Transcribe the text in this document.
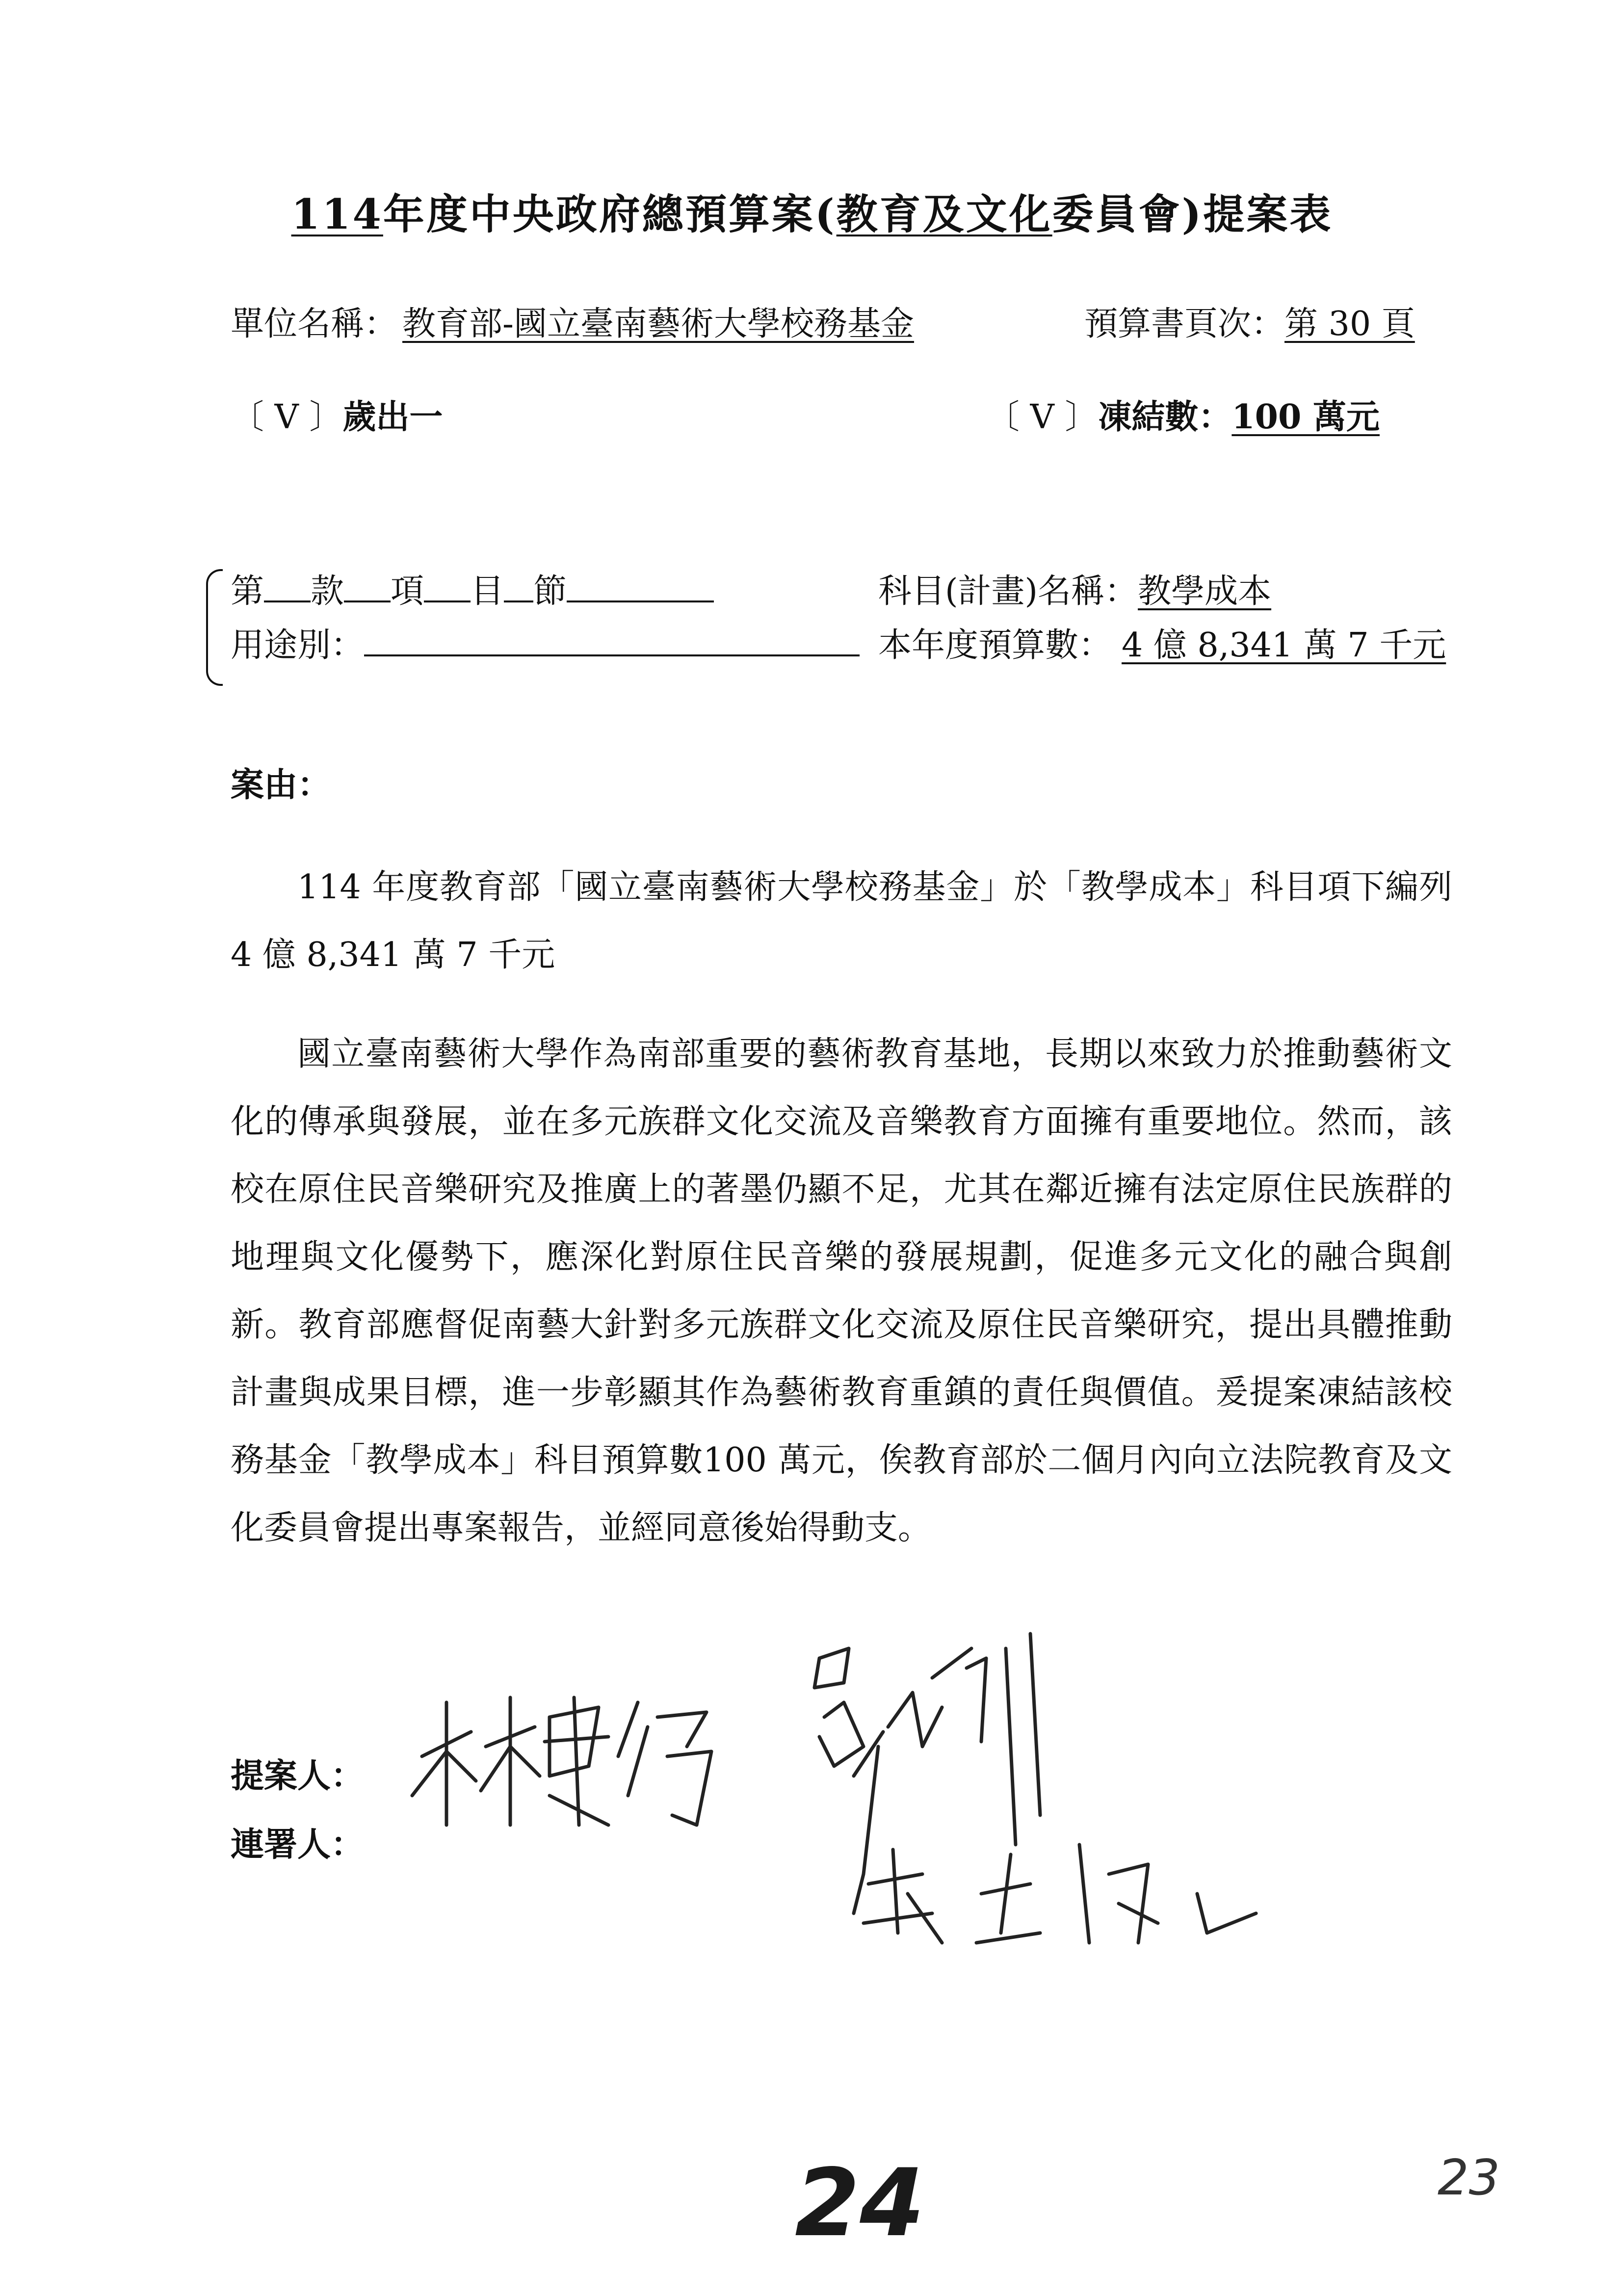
114年度中央政府總預算案(教育及文化委員會)提案表
單位名稱： 教育部-國立臺南藝術大學校務基金	預算書頁次：第 30 頁
〔 V 〕歲出一	〔 V 〕凍結數：100 萬元
第 款 項 目 節	科目(計畫)名稱：教學成本
用途別：	本年度預算數： 4 億 8,341 萬 7 千元
案由：
114 年度教育部「國立臺南藝術大學校務基金」於「教學成本」科目項下編列 4 億 8,341 萬 7 千元
國立臺南藝術大學作為南部重要的藝術教育基地，長期以來致力於推動藝術文化的傳承與發展，並在多元族群文化交流及音樂教育方面擁有重要地位。然而，該校在原住民音樂研究及推廣上的著墨仍顯不足，尤其在鄰近擁有法定原住民族群的地理與文化優勢下，應深化對原住民音樂的發展規劃，促進多元文化的融合與創新。教育部應督促南藝大針對多元族群文化交流及原住民音樂研究，提出具體推動計畫與成果目標，進一步彰顯其作為藝術教育重鎮的責任與價值。爰提案凍結該校務基金「教學成本」科目預算數100 萬元，俟教育部於二個月內向立法院教育及文化委員會提出專案報告，並經同意後始得動支。
提案人：
連署人：
24	23
